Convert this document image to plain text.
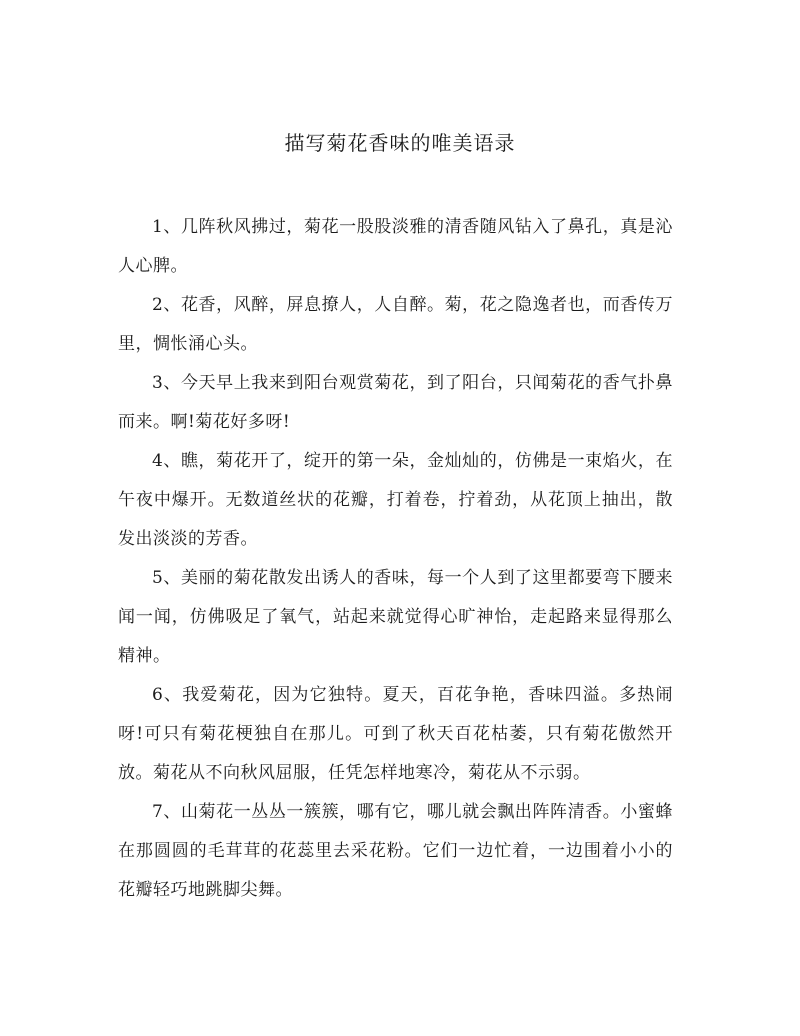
描写菊花香味的唯美语录

1、几阵秋风拂过，菊花一股股淡雅的清香随风钻入了鼻孔，真是沁人心脾。

2、花香，风醉，屏息撩人，人自醉。菊，花之隐逸者也，而香传万里，惆怅涌心头。

3、今天早上我来到阳台观赏菊花，到了阳台，只闻菊花的香气扑鼻而来。啊!菊花好多呀!

4、瞧，菊花开了，绽开的第一朵，金灿灿的，仿佛是一束焰火，在午夜中爆开。无数道丝状的花瓣，打着卷，拧着劲，从花顶上抽出，散发出淡淡的芳香。

5、美丽的菊花散发出诱人的香味，每一个人到了这里都要弯下腰来闻一闻，仿佛吸足了氧气，站起来就觉得心旷神怡，走起路来显得那么精神。

6、我爱菊花，因为它独特。夏天，百花争艳，香味四溢。多热闹呀!可只有菊花梗独自在那儿。可到了秋天百花枯萎，只有菊花傲然开放。菊花从不向秋风屈服，任凭怎样地寒冷，菊花从不示弱。

7、山菊花一丛丛一簇簇，哪有它，哪儿就会飘出阵阵清香。小蜜蜂在那圆圆的毛茸茸的花蕊里去采花粉。它们一边忙着，一边围着小小的花瓣轻巧地跳脚尖舞。
